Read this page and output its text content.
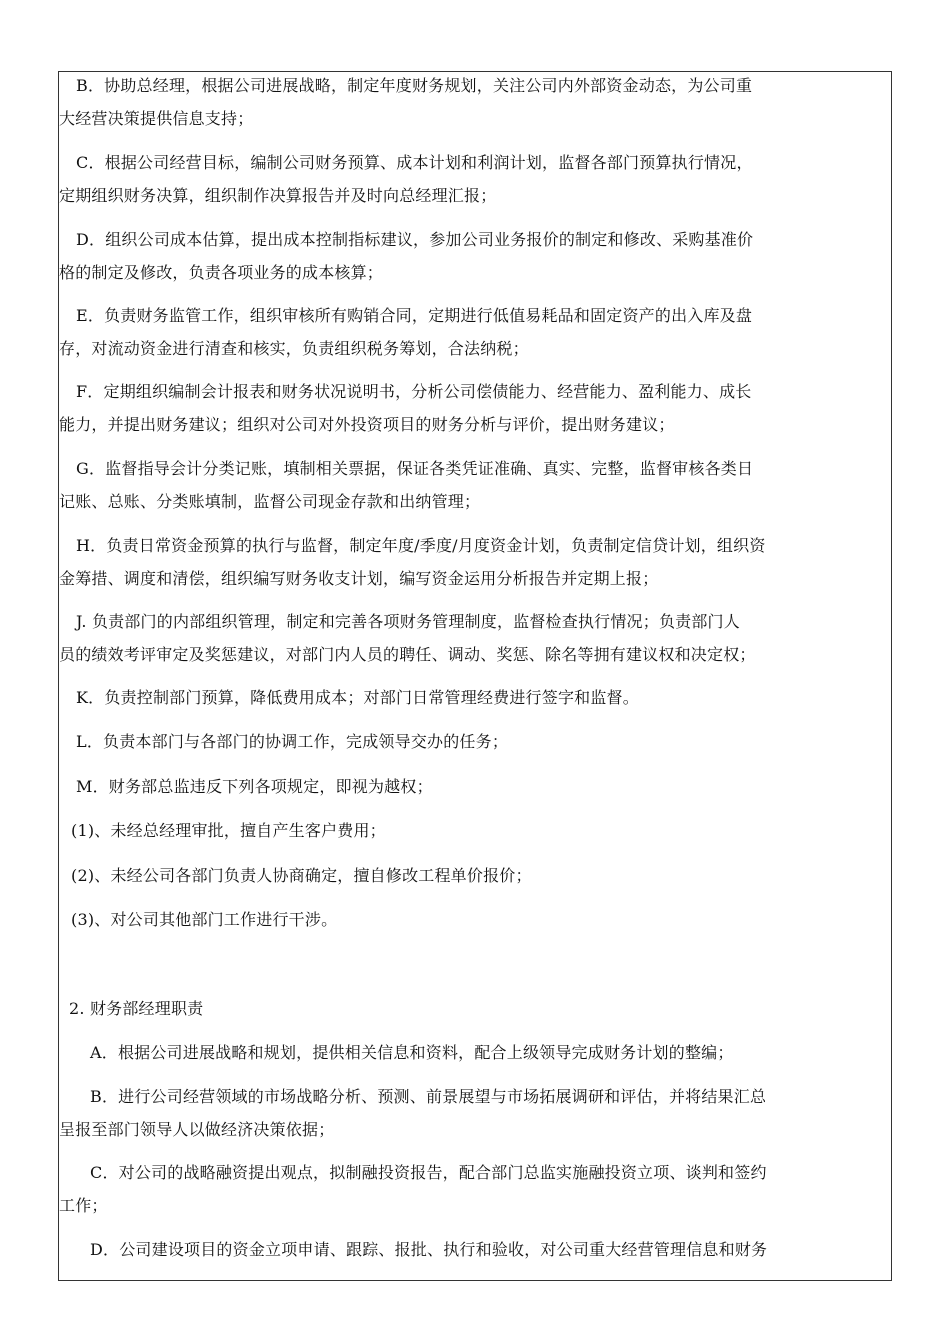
B．协助总经理，根据公司进展战略，制定年度财务规划，关注公司内外部资金动态，为公司重
大经营决策提供信息支持；
C．根据公司经营目标，编制公司财务预算、成本计划和利润计划，监督各部门预算执行情况，
定期组织财务决算，组织制作决算报告并及时向总经理汇报；
D．组织公司成本估算，提出成本控制指标建议，参加公司业务报价的制定和修改、采购基准价
格的制定及修改，负责各项业务的成本核算；
E．负责财务监管工作，组织审核所有购销合同，定期进行低值易耗品和固定资产的出入库及盘
存，对流动资金进行清查和核实，负责组织税务筹划，合法纳税；
F．定期组织编制会计报表和财务状况说明书，分析公司偿债能力、经营能力、盈利能力、成长
能力，并提出财务建议；组织对公司对外投资项目的财务分析与评价，提出财务建议；
G．监督指导会计分类记账，填制相关票据，保证各类凭证准确、真实、完整，监督审核各类日
记账、总账、分类账填制，监督公司现金存款和出纳管理；
H．负责日常资金预算的执行与监督，制定年度/季度/月度资金计划，负责制定信贷计划，组织资
金筹措、调度和清偿，组织编写财务收支计划，编写资金运用分析报告并定期上报；
J. 负责部门的内部组织管理，制定和完善各项财务管理制度，监督检查执行情况；负责部门人
员的绩效考评审定及奖惩建议，对部门内人员的聘任、调动、奖惩、除名等拥有建议权和决定权；
K．负责控制部门预算，降低费用成本；对部门日常管理经费进行签字和监督。
L．负责本部门与各部门的协调工作，完成领导交办的任务；
M．财务部总监违反下列各项规定，即视为越权；
(1)、未经总经理审批，擅自产生客户费用；
(2)、未经公司各部门负责人协商确定，擅自修改工程单价报价；
(3)、对公司其他部门工作进行干涉。
2. 财务部经理职责
A．根据公司进展战略和规划，提供相关信息和资料，配合上级领导完成财务计划的整编；
B．进行公司经营领域的市场战略分析、预测、前景展望与市场拓展调研和评估，并将结果汇总
呈报至部门领导人以做经济决策依据；
C．对公司的战略融资提出观点，拟制融投资报告，配合部门总监实施融投资立项、谈判和签约
工作；
D．公司建设项目的资金立项申请、跟踪、报批、执行和验收，对公司重大经营管理信息和财务
